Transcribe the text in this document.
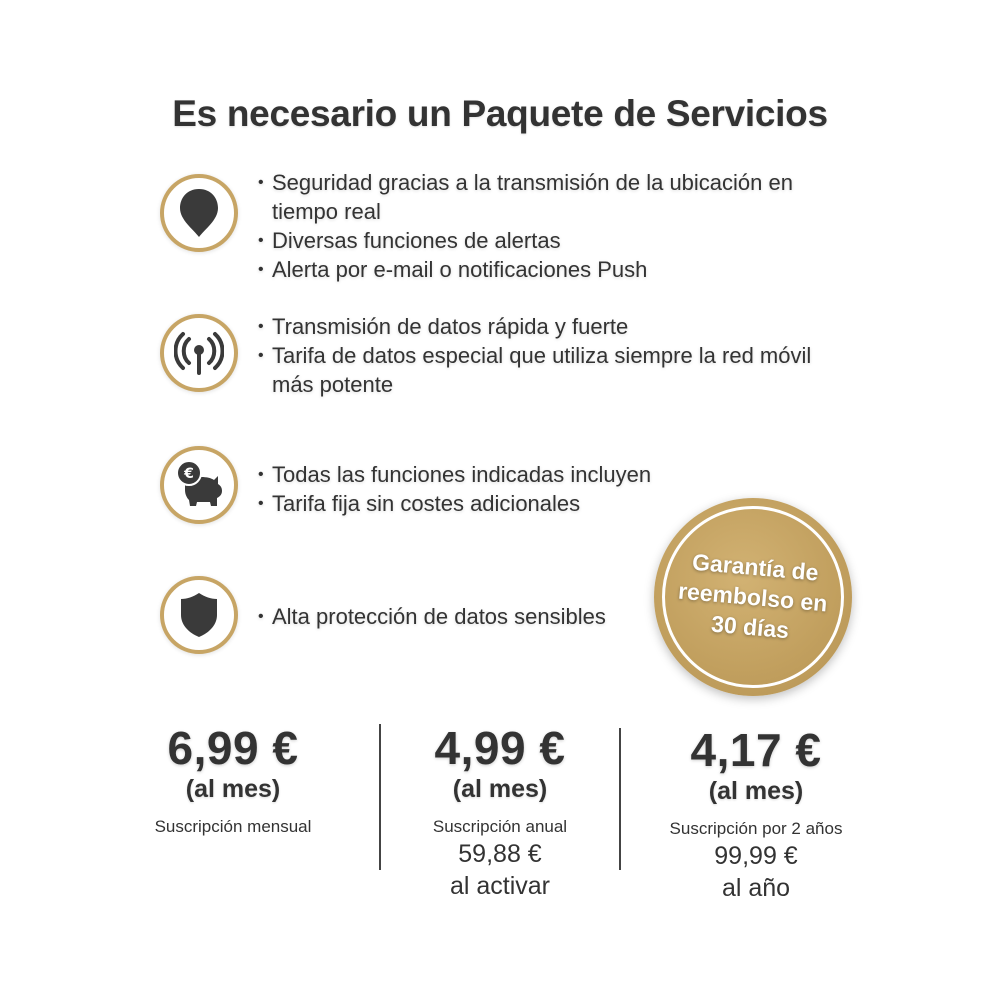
Es necesario un Paquete de Servicios
• Seguridad gracias a la transmisión de la ubicación en tiempo real
• Diversas funciones de alertas
• Alerta por e-mail o notificaciones Push
• Transmisión de datos rápida y fuerte
• Tarifa de datos especial que utiliza siempre la red móvil más potente
€	• Todas las funciones indicadas incluyen
• Tarifa fija sin costes adicionales
• Alta protección de datos sensibles
Garantía de
reembolso en
30 días
6,99 €
(al mes)
Suscripción mensual
4,99 €
(al mes)
Suscripción anual
59,88 €
al activar
4,17 €
(al mes)
Suscripción por 2 años
99,99 €
al año
